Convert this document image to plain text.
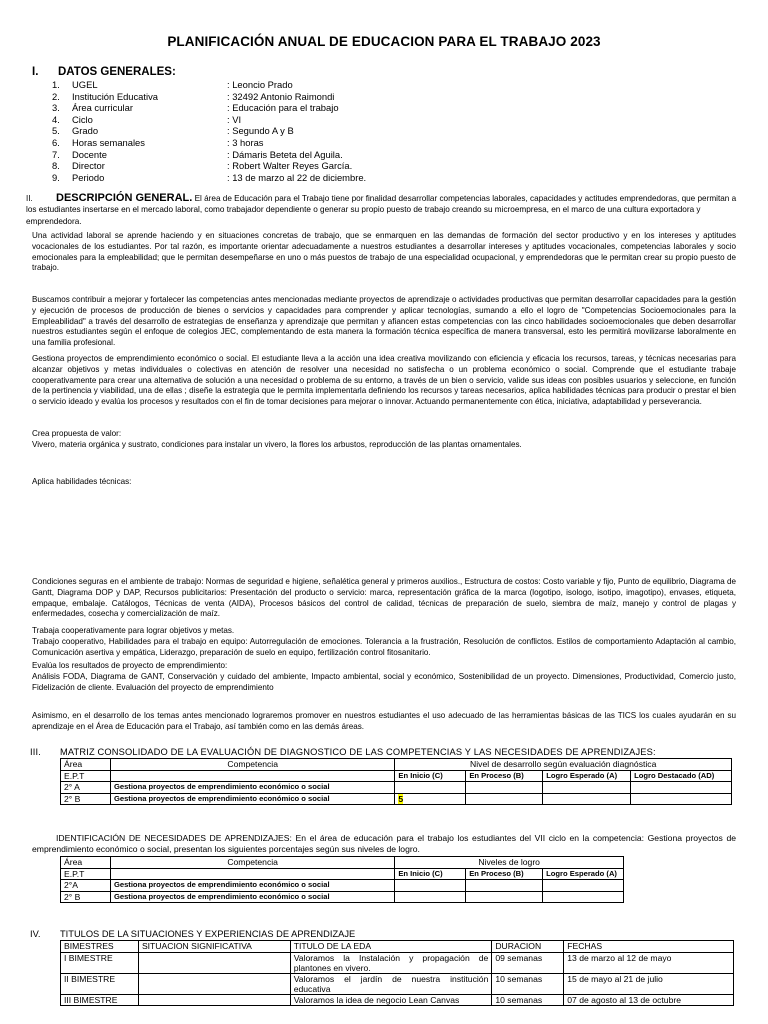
PLANIFICACIÓN ANUAL DE EDUCACION PARA EL TRABAJO 2023
I. DATOS GENERALES:
1.	UGEL	: Leoncio Prado
2.	Institución Educativa	: 32492 Antonio Raimondi
3.	Área curricular	: Educación para el trabajo
4.	Ciclo	: VI
5.	Grado	: Segundo A y B
6.	Horas semanales	: 3 horas
7.	Docente	: Dámaris Beteta del Aguila.
8.	Director	: Robert Walter Reyes García.
9.	Periodo	: 13 de marzo al 22 de diciembre.
II. DESCRIPCIÓN GENERAL. El área de Educación para el Trabajo tiene por finalidad desarrollar competencias laborales, capacidades y actitudes emprendedoras, que permitan a los estudiantes insertarse en el mercado laboral, como trabajador dependiente o generar su propio puesto de trabajo creando su microempresa, en el marco de una cultura exportadora y emprendedora.
Una actividad laboral se aprende haciendo y en situaciones concretas de trabajo, que se enmarquen en las demandas de formación del sector productivo y en los intereses y aptitudes vocacionales de los estudiantes. Por tal razón, es importante orientar adecuadamente a nuestros estudiantes a desarrollar intereses y aptitudes vocacionales, competencias laborales y socio emocionales para la empleabilidad; que le permitan desempeñarse en uno o más puestos de trabajo de una especialidad ocupacional, y emprendedoras que le permitan crear su propio puesto de trabajo.
Buscamos contribuir a mejorar y fortalecer las competencias antes mencionadas mediante proyectos de aprendizaje o actividades productivas que permitan desarrollar capacidades para la gestión y ejecución de procesos de producción de bienes o servicios y capacidades para comprender y aplicar tecnologías, sumando a ello el logro de "Competencias Socioemocionales para la Empleabilidad" a través del desarrollo de estrategias de enseñanza y aprendizaje que permitan y afiancen estas competencias con las cinco habilidades socioemocionales que deben desarrollar nuestros estudiantes según el enfoque de colegios JEC, complementando de esta manera la formación técnica específica de manera transversal, esto les permitirá movilizarse laboralmente en una familia profesional.
Gestiona proyectos de emprendimiento económico o social. El estudiante lleva a la acción una idea creativa movilizando con eficiencia y eficacia los recursos, tareas, y técnicas necesarias para alcanzar objetivos y metas individuales o colectivas en atención de resolver una necesidad no satisfecha o un problema económico o social. Comprende que el estudiante trabaje cooperativamente para crear una alternativa de solución a una necesidad o problema de su entorno, a través de un bien o servicio, valide sus ideas con posibles usuarios y seleccione, en función de la pertinencia y viabilidad, una de ellas ; diseñe la estrategia que le permita implementarla definiendo los recursos y tareas necesarios, aplica habilidades técnicas para producir o prestar el bien o servicio ideado y evalúa los procesos y resultados con el fin de tomar decisiones para mejorar o innovar. Actuando permanentemente con ética, iniciativa, adaptabilidad y perseverancia.
Crea propuesta de valor:
Vivero, materia orgánica y sustrato, condiciones para instalar un vivero, la flores los arbustos, reproducción de las plantas ornamentales.
Aplica habilidades técnicas:
Condiciones seguras en el ambiente de trabajo: Normas de seguridad e higiene, señalética general y primeros auxilios., Estructura de costos: Costo variable y fijo, Punto de equilibrio, Diagrama de Gantt, Diagrama DOP y DAP, Recursos publicitarios: Presentación del producto o servicio: marca, representación gráfica de la marca (logotipo, isologo, isotipo, imagotipo), envases, etiqueta, empaque, embalaje. Catálogos, Técnicas de venta (AIDA), Procesos básicos del control de calidad, técnicas de preparación de suelo, siembra de maíz, manejo y control de plagas y enfermedades, cosecha y comercialización de maíz.
Trabaja cooperativamente para lograr objetivos y metas.
Trabajo cooperativo, Habilidades para el trabajo en equipo: Autorregulación de emociones. Tolerancia a la frustración, Resolución de conflictos. Estilos de comportamiento Adaptación al cambio, Comunicación asertiva y empática, Liderazgo, preparación de suelo en equipo, fertilización control fitosanitario.
Evalúa los resultados de proyecto de emprendimiento:
Análisis FODA, Diagrama de GANT, Conservación y cuidado del ambiente, Impacto ambiental, social y económico, Sostenibilidad de un proyecto. Dimensiones, Productividad, Comercio justo, Fidelización de cliente. Evaluación del proyecto de emprendimiento
Asimismo, en el desarrollo de los temas antes mencionado lograremos promover en nuestros estudiantes el uso adecuado de las herramientas básicas de las TICS los cuales ayudarán en su aprendizaje en el Área de Educación para el Trabajo, así también como en las demás áreas.
III. MATRIZ CONSOLIDADO DE LA EVALUACIÓN DE DIAGNOSTICO DE LAS COMPETENCIAS Y LAS NECESIDADES DE APRENDIZAJES:
Área	Competencia	Nivel de desarrollo según evaluación diagnóstica			
E.P.T		En Inicio (C)	En Proceso (B)	Logro Esperado (A)	Logro Destacado (AD)
2° A	Gestiona proyectos de emprendimiento económico o social				
2° B	Gestiona proyectos de emprendimiento económico o social	5			
IDENTIFICACIÓN DE NECESIDADES DE APRENDIZAJES: En el área de educación para el trabajo los estudiantes del VII ciclo en la competencia: Gestiona proyectos de emprendimiento económico o social, presentan los siguientes porcentajes según sus niveles de logro.
Área	Competencia	Niveles de logro		
E.P.T		En Inicio (C)	En Proceso (B)	Logro Esperado (A)
2°A	Gestiona proyectos de emprendimiento económico o social			
2° B	Gestiona proyectos de emprendimiento económico o social			
IV. TITULOS DE LA SITUACIONES Y EXPERIENCIAS DE APRENDIZAJE
BIMESTRES	SITUACION SIGNIFICATIVA	TITULO DE LA EDA	DURACION	FECHAS
I BIMESTRE		Valoramos la Instalación y propagación de plantones en vivero.	09 semanas	13 de marzo al 12 de mayo
II BIMESTRE		Valoramos el jardín de nuestra institución educativa	10 semanas	15 de mayo al 21 de julio
III BIMESTRE		Valoramos la idea de negocio Lean Canvas	10 semanas	07 de agosto al 13 de octubre
